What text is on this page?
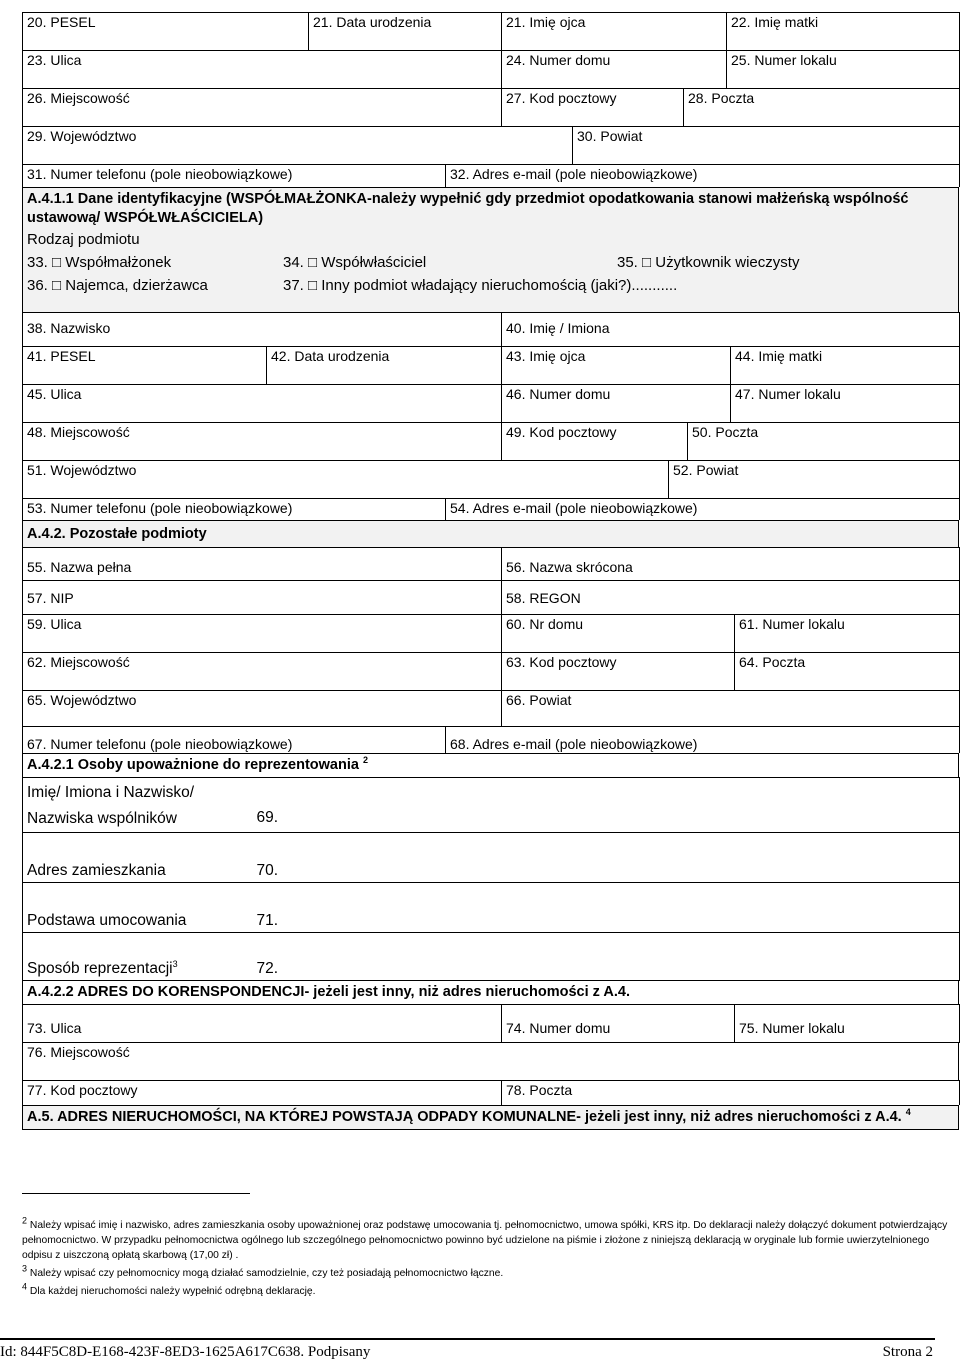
20. PESEL	21. Data urodzenia	21. Imię ojca	22. Imię matki
23. Ulica	24. Numer domu	25. Numer lokalu
26. Miejscowość	27. Kod pocztowy	28. Poczta
29. Województwo	30. Powiat
31. Numer telefonu (pole nieobowiązkowe)	32. Adres e-mail (pole nieobowiązkowe)
A.4.1.1 Dane identyfikacyjne (WSPÓŁMAŁŻONKA-należy wypełnić gdy przedmiot opodatkowania stanowi małżeńską wspólność ustawową/ WSPÓŁWŁAŚCICIELA)
Rodzaj podmiotu
33. □ Współmałżonek	34. □ Współwłaściciel	35. □ Użytkownik wieczysty
36. □ Najemca, dzierżawca	37. □ Inny podmiot władający nieruchomością (jaki?)...........
38. Nazwisko	40. Imię / Imiona
41. PESEL	42. Data urodzenia	43. Imię ojca	44. Imię matki
45. Ulica	46. Numer domu	47. Numer lokalu
48. Miejscowość	49. Kod pocztowy	50. Poczta
51. Województwo	52. Powiat
53. Numer telefonu (pole nieobowiązkowe)	54. Adres e-mail (pole nieobowiązkowe)
A.4.2. Pozostałe podmioty
55. Nazwa pełna	56. Nazwa skrócona
57. NIP	58. REGON
59. Ulica	60. Nr domu	61. Numer lokalu
62. Miejscowość	63. Kod pocztowy	64. Poczta
65. Województwo	66. Powiat
67. Numer telefonu (pole nieobowiązkowe)	68. Adres e-mail (pole nieobowiązkowe)
A.4.2.1 Osoby upoważnione do reprezentowania $^2$
Imię/ Imiona i Nazwisko/ Nazwiska wspólników	69.
Adres zamieszkania	70.
Podstawa umocowania	71.
Sposób reprezentacji$^3$	72.
A.4.2.2 ADRES DO KORENSPONDENCJI- jeżeli jest inny, niż adres nieruchomości z A.4.
73. Ulica	74. Numer domu	75. Numer lokalu
76. Miejscowość
77. Kod pocztowy	78. Poczta
A.5. ADRES NIERUCHOMOŚCI, NA KTÓREJ POWSTAJĄ ODPADY KOMUNALNE- jeżeli jest inny, niż adres nieruchomości z A.4. $^4$
$^2$ Należy wpisać imię i nazwisko, adres zamieszkania osoby upoważnionej oraz podstawę umocowania tj. pełnomocnictwo, umowa spółki, KRS itp. Do deklaracji należy dołączyć dokument potwierdzający pełnomocnictwo. W przypadku pełnomocnictwa ogólnego lub szczególnego pełnomocnictwo powinno być udzielone na piśmie i złożone z niniejszą deklaracją w oryginale lub formie uwierzytelnionego odpisu z uiszczoną opłatą skarbową (17,00 zł) .
$^3$ Należy wpisać czy pełnomocnicy mogą działać samodzielnie, czy też posiadają pełnomocnictwo łączne.
$^4$ Dla każdej nieruchomości należy wypełnić odrębną deklarację.
Id: 844F5C8D-E168-423F-8ED3-1625A617C638. Podpisany	Strona 2
